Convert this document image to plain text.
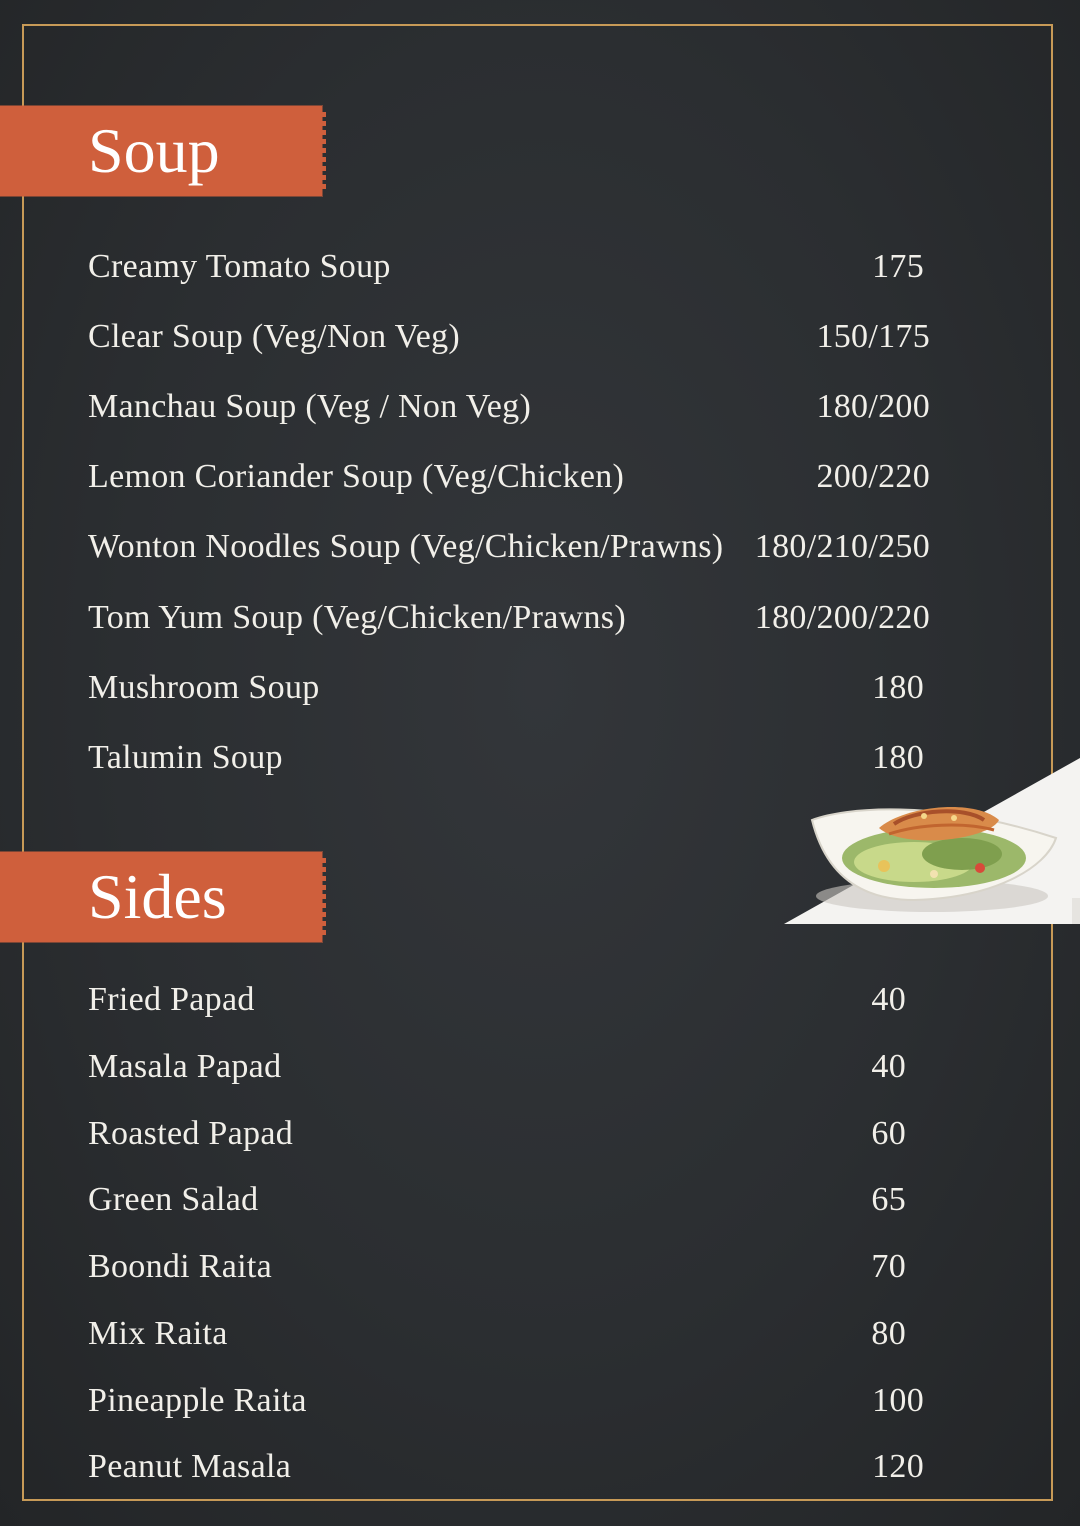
Soup
Creamy Tomato Soup	175
Clear Soup (Veg/Non Veg)	150/175
Manchau Soup (Veg / Non Veg)	180/200
Lemon Coriander Soup (Veg/Chicken)	200/220
Wonton Noodles Soup (Veg/Chicken/Prawns) 180/210/250
Tom Yum Soup (Veg/Chicken/Prawns)	180/200/220
Mushroom Soup	180
Talumin Soup	180
Sides
Fried Papad	40
Masala Papad	40
Roasted Papad	60
Green Salad	65
Boondi Raita	70
Mix Raita	80
Pineapple Raita	100
Peanut Masala	120
